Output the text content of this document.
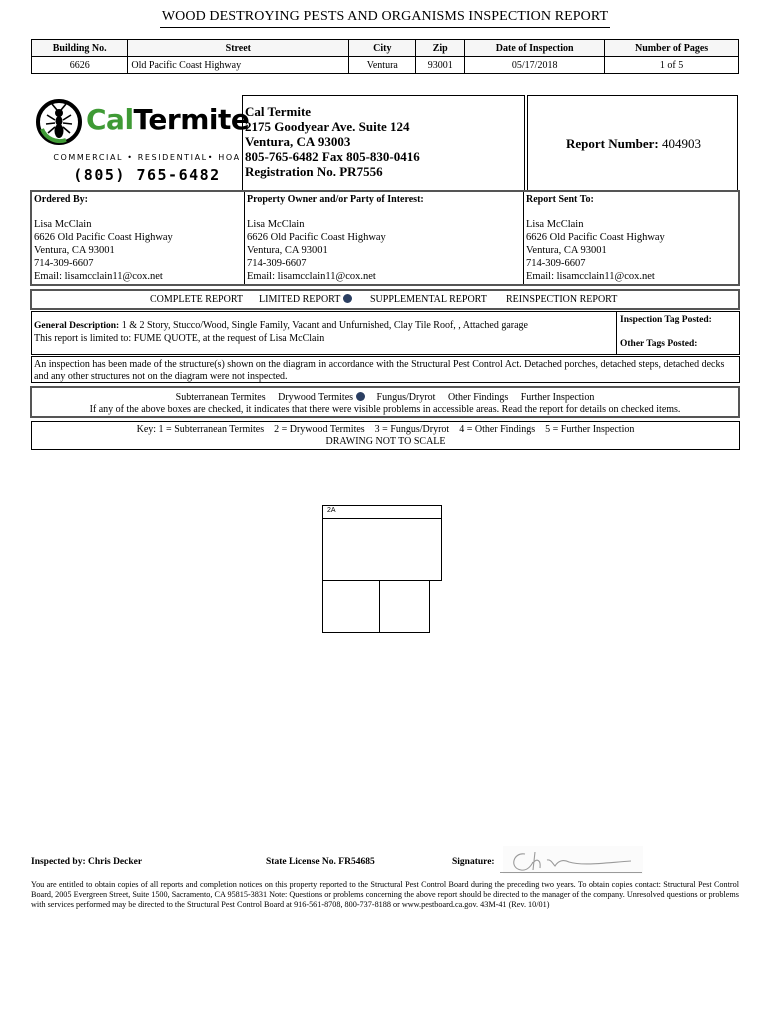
WOOD DESTROYING PESTS AND ORGANISMS INSPECTION REPORT
Building No.	Street	City	Zip	Date of Inspection	Number of Pages
6626	Old Pacific Coast Highway	Ventura	93001	05/17/2018	1 of 5
CalTermite
COMMERCIAL • RESIDENTIAL• HOA
(805) 765-6482
Cal Termite
2175 Goodyear Ave. Suite 124
Ventura, CA 93003
805-765-6482 Fax 805-830-0416
Registration No. PR7556
Report Number: 404903
Ordered By:
Lisa McClain
6626 Old Pacific Coast Highway
Ventura, CA 93001
714-309-6607
Email: lisamcclain11@cox.net
Property Owner and/or Party of Interest:
Lisa McClain
6626 Old Pacific Coast Highway
Ventura, CA 93001
714-309-6607
Email: lisamcclain11@cox.net
Report Sent To:
Lisa McClain
6626 Old Pacific Coast Highway
Ventura, CA 93001
714-309-6607
Email: lisamcclain11@cox.net
COMPLETE REPORT LIMITED REPORT	SUPPLEMENTAL REPORT REINSPECTION REPORT
General Description: 1 & 2 Story, Stucco/Wood, Single Family, Vacant and Unfurnished, Clay Tile Roof, , Attached garage
This report is limited to: FUME QUOTE, at the request of Lisa McClain
Inspection Tag Posted:
Other Tags Posted:
An inspection has been made of the structure(s) shown on the diagram in accordance with the Structural Pest Control Act. Detached porches, detached steps, detached decks and any other structures not on the diagram were not inspected.
Subterranean Termites Drywood Termites Fungus/Dryrot Other Findings Further Inspection
If any of the above boxes are checked, it indicates that there were visible problems in accessible areas. Read the report for details on checked items.
Key: 1 = Subterranean Termites    2 = Drywood Termites    3 = Fungus/Dryrot    4 = Other Findings    5 = Further Inspection
DRAWING NOT TO SCALE
2A
Inspected by: Chris Decker	State License No. FR54685	Signature:
You are entitled to obtain copies of all reports and completion notices on this property reported to the Structural Pest Control Board during the preceding two years. To obtain copies contact: Structural Pest Control Board, 2005 Evergreen Street, Suite 1500, Sacramento, CA 95815-3831 Note: Questions or problems concerning the above report should be directed to the manager of the company. Unresolved questions or problems with services performed may be directed to the Structural Pest Control Board at 916-561-8708, 800-737-8188 or www.pestboard.ca.gov. 43M-41 (Rev. 10/01)
